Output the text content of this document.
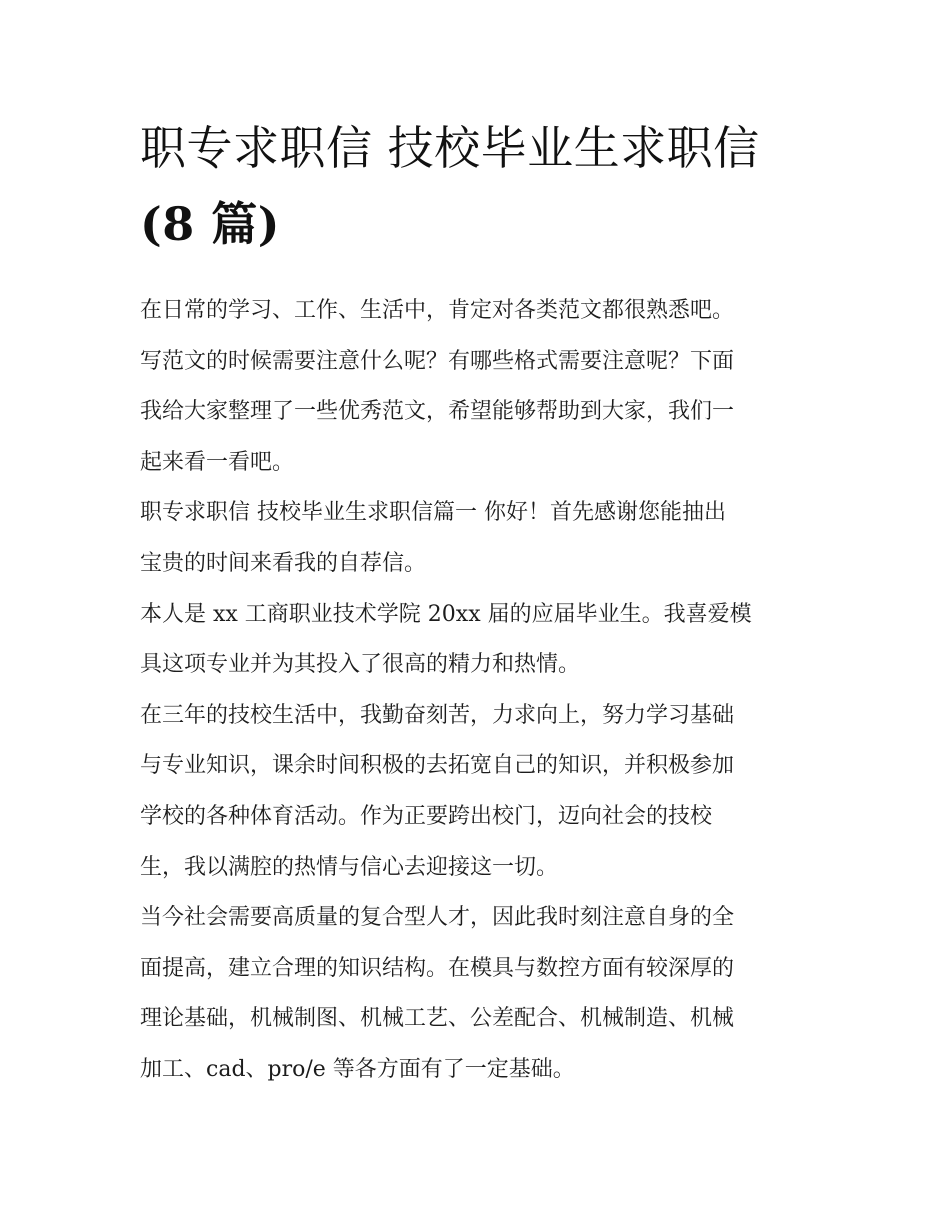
职专求职信 技校毕业生求职信
(8 篇)

在日常的学习、工作、生活中，肯定对各类范文都很熟悉吧。
写范文的时候需要注意什么呢？有哪些格式需要注意呢？下面
我给大家整理了一些优秀范文，希望能够帮助到大家，我们一
起来看一看吧。

职专求职信 技校毕业生求职信篇一 你好！首先感谢您能抽出
宝贵的时间来看我的自荐信。

本人是 xx 工商职业技术学院 20xx 届的应届毕业生。我喜爱模
具这项专业并为其投入了很高的精力和热情。

在三年的技校生活中，我勤奋刻苦，力求向上，努力学习基础
与专业知识，课余时间积极的去拓宽自己的知识，并积极参加
学校的各种体育活动。作为正要跨出校门，迈向社会的技校
生，我以满腔的热情与信心去迎接这一切。

当今社会需要高质量的复合型人才，因此我时刻注意自身的全
面提高，建立合理的知识结构。在模具与数控方面有较深厚的
理论基础，机械制图、机械工艺、公差配合、机械制造、机械
加工、cad、pro/e 等各方面有了一定基础。
